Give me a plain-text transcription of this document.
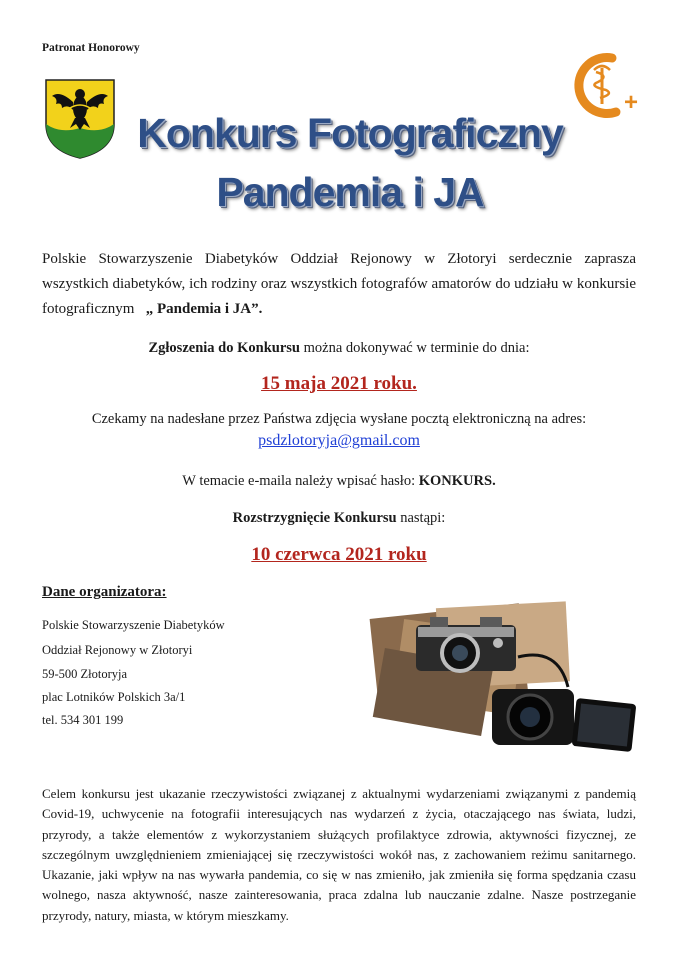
Patronat Honorowy
+
Konkurs Fotograficzny
Pandemia i JA
Polskie Stowarzyszenie Diabetyków Oddział Rejonowy w Złotoryi serdecznie zaprasza wszystkich diabetyków, ich rodziny oraz wszystkich fotografów amatorów do udziału w konkursie fotograficznym „ Pandemia i JA”.
Zgłoszenia do Konkursu można dokonywać w terminie do dnia:
15 maja 2021 roku.
Czekamy na nadesłane przez Państwa zdjęcia wysłane pocztą elektroniczną na adres:
psdzlotoryja@gmail.com
W temacie e-maila należy wpisać hasło: KONKURS.
Rozstrzygnięcie Konkursu nastąpi:
10 czerwca 2021 roku
Dane organizatora:
Polskie Stowarzyszenie Diabetyków
Oddział Rejonowy w Złotoryi
59-500 Złotoryja
plac Lotników Polskich 3a/1
tel. 534 301 199
Celem konkursu jest ukazanie rzeczywistości związanej z aktualnymi wydarzeniami związanymi z pandemią Covid-19, uchwycenie na fotografii interesujących nas wydarzeń z życia, otaczającego nas świata, ludzi, przyrody, a także elementów z wykorzystaniem służących profilaktyce zdrowia, aktywności fizycznej, ze szczególnym uwzględnieniem zmieniającej się rzeczywistości wokół nas, z zachowaniem reżimu sanitarnego. Ukazanie, jaki wpływ na nas wywarła pandemia, co się w nas zmieniło, jak zmieniła się forma spędzania czasu wolnego, nasza aktywność, nasze zainteresowania, praca zdalna lub nauczanie zdalne. Nasze postrzeganie przyrody, natury, miasta, w którym mieszkamy.
